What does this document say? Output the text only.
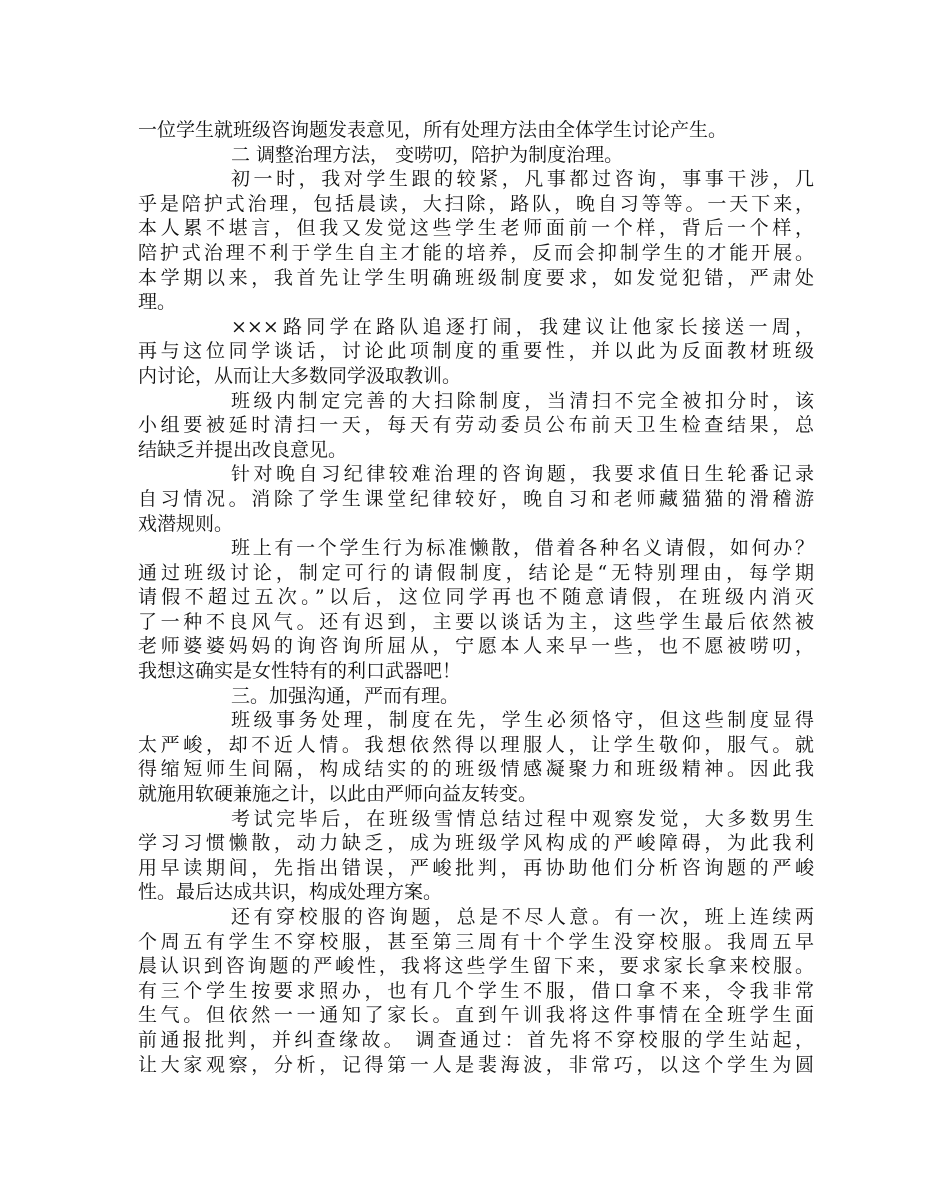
一位学生就班级咨询题发表意见，所有处理方法由全体学生讨论产生。
二 调整治理方法， 变唠叨，陪护为制度治理。
初一时，我对学生跟的较紧，凡事都过咨询，事事干涉，几
乎是陪护式治理，包括晨读，大扫除，路队，晚自习等等。一天下来，
本人累不堪言，但我又发觉这些学生老师面前一个样，背后一个样，
陪护式治理不利于学生自主才能的培养，反而会抑制学生的才能开展。
本学期以来，我首先让学生明确班级制度要求，如发觉犯错，严肃处
理。
×××路同学在路队追逐打闹，我建议让他家长接送一周，
再与这位同学谈话，讨论此项制度的重要性，并以此为反面教材班级
内讨论，从而让大多数同学汲取教训。
班级内制定完善的大扫除制度，当清扫不完全被扣分时，该
小组要被延时清扫一天，每天有劳动委员公布前天卫生检查结果，总
结缺乏并提出改良意见。
针对晚自习纪律较难治理的咨询题，我要求值日生轮番记录
自习情况。消除了学生课堂纪律较好，晚自习和老师藏猫猫的滑稽游
戏潜规则。
班上有一个学生行为标准懒散，借着各种名义请假，如何办？
通过班级讨论，制定可行的请假制度，结论是“无特别理由，每学期
请假不超过五次。”以后，这位同学再也不随意请假，在班级内消灭
了一种不良风气。还有迟到，主要以谈话为主，这些学生最后依然被
老师婆婆妈妈的询咨询所屈从，宁愿本人来早一些，也不愿被唠叨，
我想这确实是女性特有的利口武器吧！
三。加强沟通，严而有理。
班级事务处理，制度在先，学生必须恪守，但这些制度显得
太严峻，却不近人情。我想依然得以理服人，让学生敬仰，服气。就
得缩短师生间隔，构成结实的的班级情感凝聚力和班级精神。因此我
就施用软硬兼施之计，以此由严师向益友转变。
考试完毕后，在班级雪情总结过程中观察发觉，大多数男生
学习习惯懒散，动力缺乏，成为班级学风构成的严峻障碍，为此我利
用早读期间，先指出错误，严峻批判，再协助他们分析咨询题的严峻
性。最后达成共识，构成处理方案。
还有穿校服的咨询题，总是不尽人意。有一次，班上连续两
个周五有学生不穿校服，甚至第三周有十个学生没穿校服。我周五早
晨认识到咨询题的严峻性，我将这些学生留下来，要求家长拿来校服。
有三个学生按要求照办，也有几个学生不服，借口拿不来，令我非常
生气。但依然一一通知了家长。直到午训我将这件事情在全班学生面
前通报批判，并纠查缘故。 调查通过：首先将不穿校服的学生站起，
让大家观察，分析，记得第一人是裴海波，非常巧，以这个学生为圆
